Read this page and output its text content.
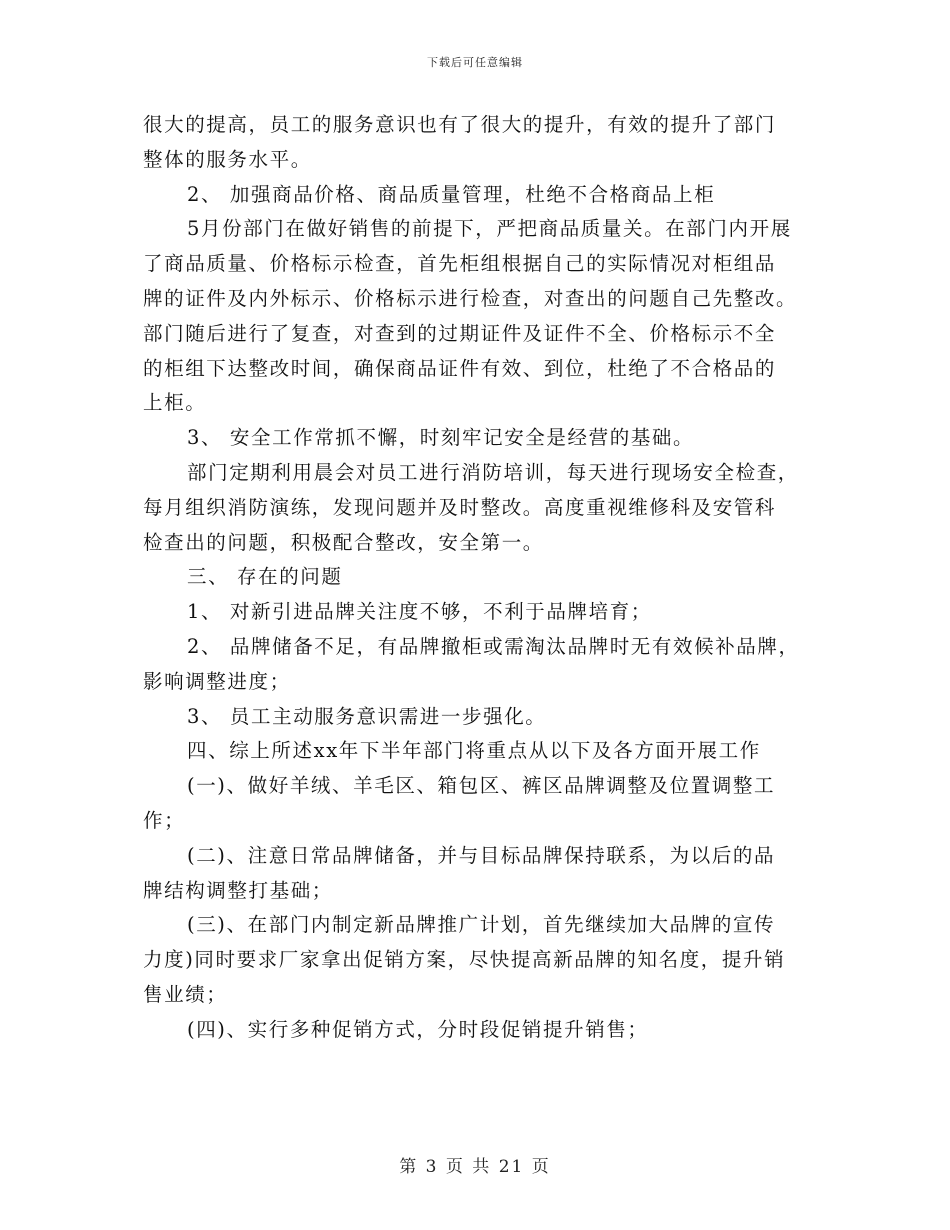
下载后可任意编辑
很大的提高，员工的服务意识也有了很大的提升，有效的提升了部门
整体的服务水平。
2、 加强商品价格、商品质量管理，杜绝不合格商品上柜
5月份部门在做好销售的前提下，严把商品质量关。在部门内开展
了商品质量、价格标示检查，首先柜组根据自己的实际情况对柜组品
牌的证件及内外标示、价格标示进行检查，对查出的问题自己先整改。
部门随后进行了复查，对查到的过期证件及证件不全、价格标示不全
的柜组下达整改时间，确保商品证件有效、到位，杜绝了不合格品的
上柜。
3、 安全工作常抓不懈，时刻牢记安全是经营的基础。
部门定期利用晨会对员工进行消防培训，每天进行现场安全检查，
每月组织消防演练，发现问题并及时整改。高度重视维修科及安管科
检查出的问题，积极配合整改，安全第一。
三、 存在的问题
1、 对新引进品牌关注度不够，不利于品牌培育；
2、 品牌储备不足，有品牌撤柜或需淘汰品牌时无有效候补品牌，
影响调整进度；
3、 员工主动服务意识需进一步强化。
四、综上所述xx年下半年部门将重点从以下及各方面开展工作
(一)、做好羊绒、羊毛区、箱包区、裤区品牌调整及位置调整工
作；
(二)、注意日常品牌储备，并与目标品牌保持联系，为以后的品
牌结构调整打基础；
(三)、在部门内制定新品牌推广计划，首先继续加大品牌的宣传
力度)同时要求厂家拿出促销方案，尽快提高新品牌的知名度，提升销
售业绩；
(四)、实行多种促销方式，分时段促销提升销售；
第 3 页 共 21 页
